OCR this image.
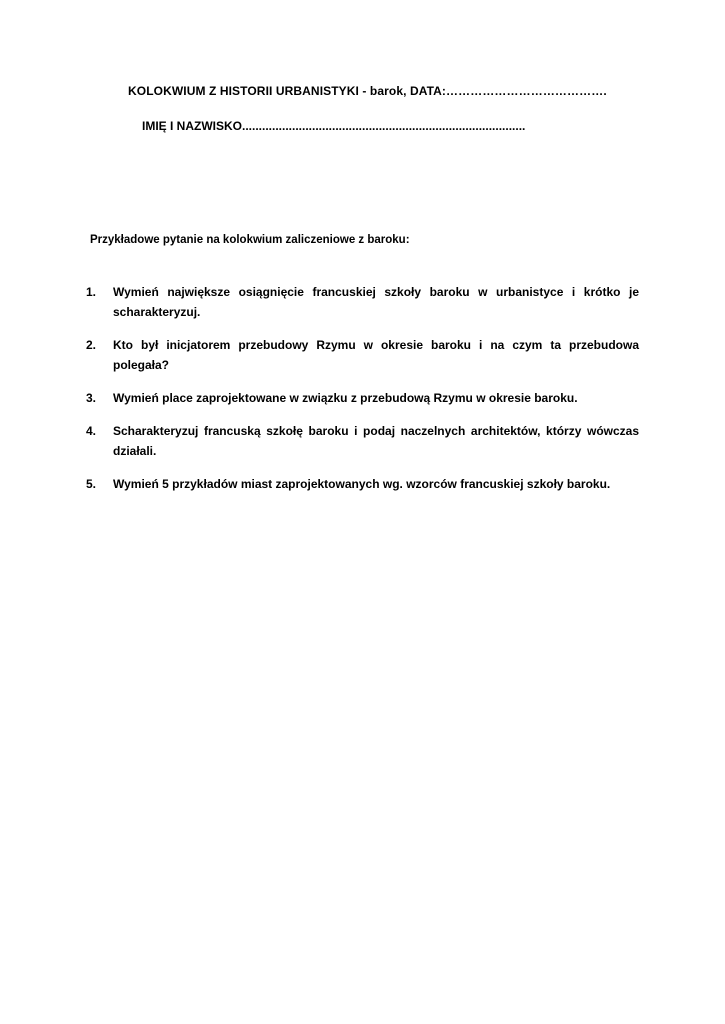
KOLOKWIUM Z HISTORII URBANISTYKI - barok, DATA:………………………………….
IMIĘ I NAZWISKO.....................................................................................
Przykładowe pytanie na kolokwium zaliczeniowe z baroku:
1.	Wymień największe osiągnięcie francuskiej szkoły baroku w urbanistyce i krótko je scharakteryzuj.
2.	Kto był inicjatorem przebudowy Rzymu w okresie baroku i na czym ta przebudowa polegała?
3.	Wymień place zaprojektowane w związku z przebudową Rzymu w okresie baroku.
4.	Scharakteryzuj francuską szkołę baroku i podaj naczelnych architektów, którzy wówczas działali.
5.	Wymień 5 przykładów miast zaprojektowanych wg. wzorców francuskiej szkoły baroku.
